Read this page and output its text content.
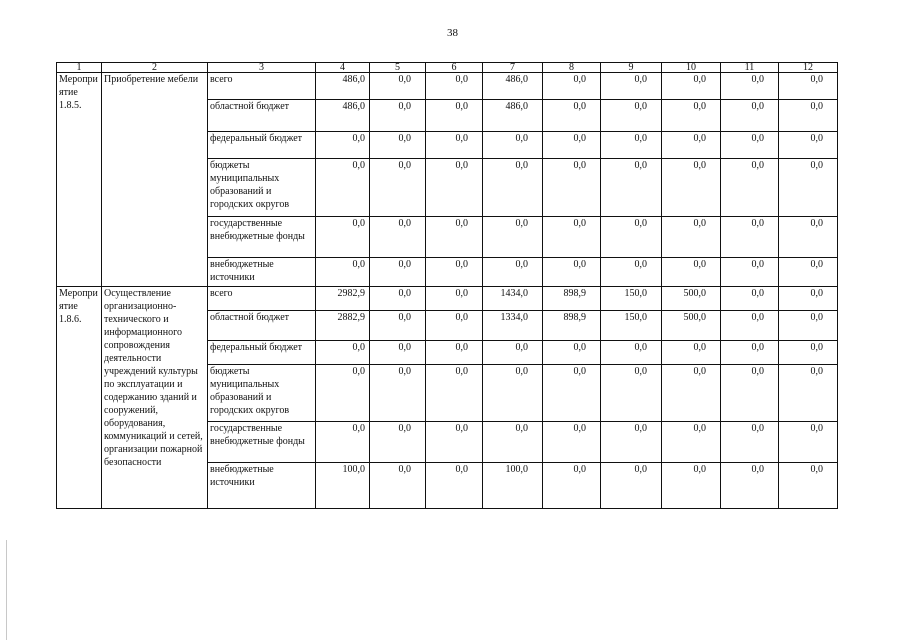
38
1	2	3	4	5	6	7	8	9	10	11	12
Мероприятие 1.8.5.	Приобретение мебели	всего	486,0	0,0	0,0	486,0	0,0	0,0	0,0	0,0	0,0
		областной бюджет	486,0	0,0	0,0	486,0	0,0	0,0	0,0	0,0	0,0
		федеральный бюджет	0,0	0,0	0,0	0,0	0,0	0,0	0,0	0,0	0,0
		бюджеты муниципальных образований и городских округов	0,0	0,0	0,0	0,0	0,0	0,0	0,0	0,0	0,0
		государственные внебюджетные фонды	0,0	0,0	0,0	0,0	0,0	0,0	0,0	0,0	0,0
		внебюджетные источники	0,0	0,0	0,0	0,0	0,0	0,0	0,0	0,0	0,0
Мероприятие 1.8.6.	Осуществление организационно-технического и информационного сопровождения деятельности учреждений культуры по эксплуатации и содержанию зданий и сооружений, оборудования, коммуникаций и сетей, организации пожарной безопасности	всего	2982,9	0,0	0,0	1434,0	898,9	150,0	500,0	0,0	0,0
		областной бюджет	2882,9	0,0	0,0	1334,0	898,9	150,0	500,0	0,0	0,0
		федеральный бюджет	0,0	0,0	0,0	0,0	0,0	0,0	0,0	0,0	0,0
		бюджеты муниципальных образований и городских округов	0,0	0,0	0,0	0,0	0,0	0,0	0,0	0,0	0,0
		государственные внебюджетные фонды	0,0	0,0	0,0	0,0	0,0	0,0	0,0	0,0	0,0
		внебюджетные источники	100,0	0,0	0,0	100,0	0,0	0,0	0,0	0,0	0,0
